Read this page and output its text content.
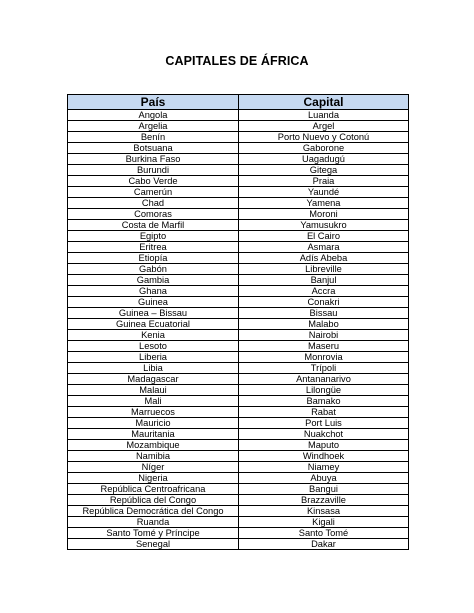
CAPITALES DE ÁFRICA
País	Capital
Angola	Luanda
Argelia	Argel
Benín	Porto Nuevo y Cotonú
Botsuana	Gaborone
Burkina Faso	Uagadugú
Burundi	Gitega
Cabo Verde	Praia
Camerún	Yaundé
Chad	Yamena
Comoras	Moroni
Costa de Marfil	Yamusukro
Egipto	El Cairo
Eritrea	Asmara
Etiopía	Adís Abeba
Gabón	Libreville
Gambia	Banjul
Ghana	Accra
Guinea	Conakri
Guinea – Bissau	Bissau
Guinea Ecuatorial	Malabo
Kenia	Nairobi
Lesoto	Maseru
Liberia	Monrovia
Libia	Trípoli
Madagascar	Antananarivo
Malaui	Lilongüe
Mali	Bamako
Marruecos	Rabat
Mauricio	Port Luis
Mauritania	Nuakchot
Mozambique	Maputo
Namibia	Windhoek
Níger	Niamey
Nigeria	Abuya
República Centroafricana	Bangui
República del Congo	Brazzaville
República Democrática del Congo	Kinsasa
Ruanda	Kigali
Santo Tomé y Príncipe	Santo Tomé
Senegal	Dakar
